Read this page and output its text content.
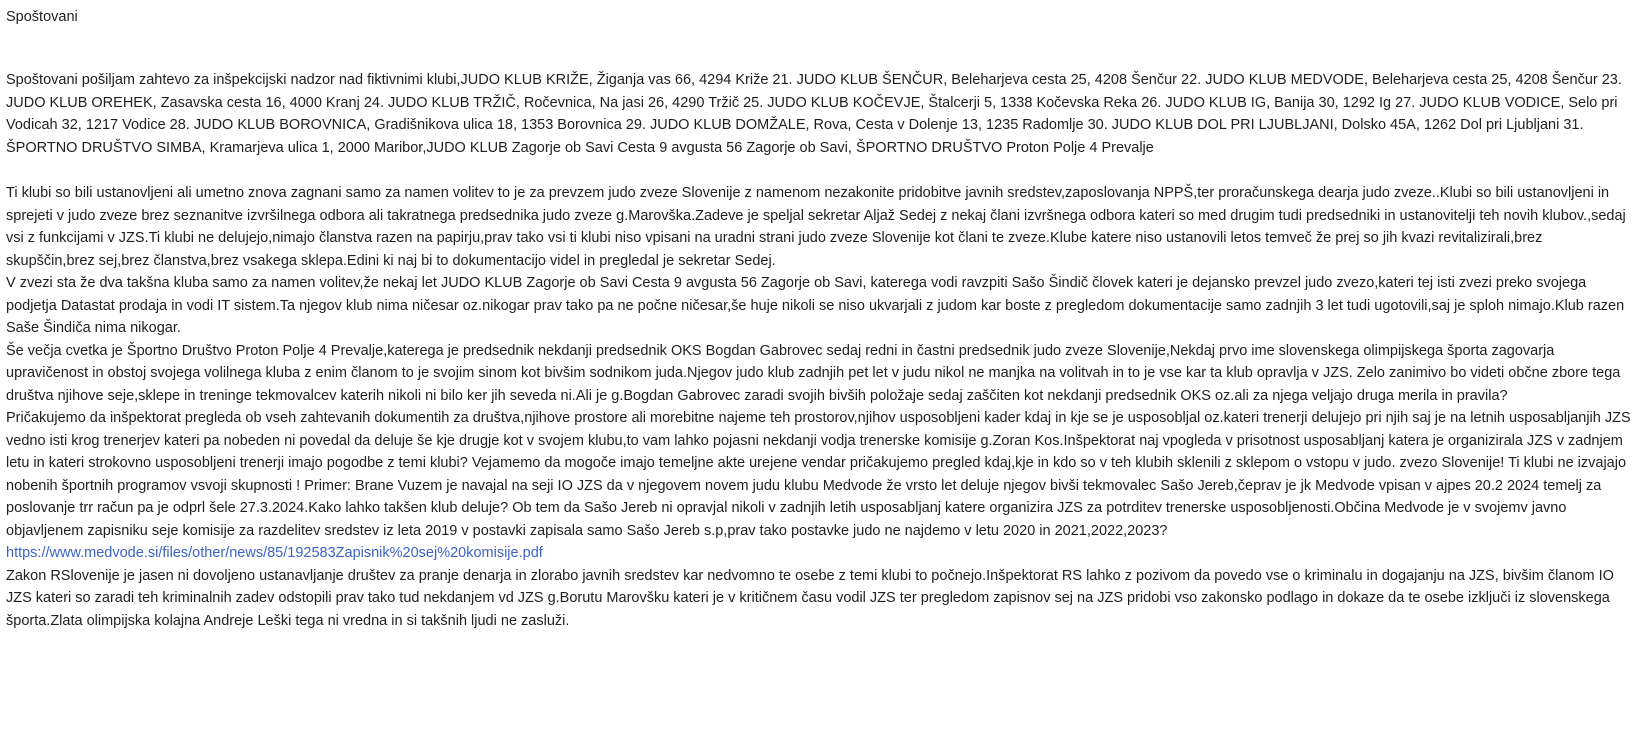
Spoštovani

Spoštovani pošiljam zahtevo za inšpekcijski nadzor nad fiktivnimi klubi,JUDO KLUB KRIŽE, Žiganja vas 66, 4294 Križe 21. JUDO KLUB ŠENČUR, Beleharjeva cesta 25, 4208 Šenčur 22. JUDO KLUB MEDVODE, Beleharjeva cesta 25, 4208 Šenčur 23. JUDO KLUB OREHEK, Zasavska cesta 16, 4000 Kranj 24. JUDO KLUB TRŽIČ, Ročevnica, Na jasi 26, 4290 Tržič 25. JUDO KLUB KOČEVJE, Štalcerji 5, 1338 Kočevska Reka 26. JUDO KLUB IG, Banija 30, 1292 Ig 27. JUDO KLUB VODICE, Selo pri Vodicah 32, 1217 Vodice 28. JUDO KLUB BOROVNICA, Gradišnikova ulica 18, 1353 Borovnica 29. JUDO KLUB DOMŽALE, Rova, Cesta v Dolenje 13, 1235 Radomlje 30. JUDO KLUB DOL PRI LJUBLJANI, Dolsko 45A, 1262 Dol pri Ljubljani 31. ŠPORTNO DRUŠTVO SIMBA, Kramarjeva ulica 1, 2000 Maribor,JUDO KLUB Zagorje ob Savi Cesta 9 avgusta 56 Zagorje ob Savi, ŠPORTNO DRUŠTVO Proton Polje 4 Prevalje

Ti klubi so bili ustanovljeni ali umetno znova zagnani samo za namen volitev to je za prevzem judo zveze Slovenije z namenom nezakonite pridobitve javnih sredstev,zaposlovanja NPPŠ,ter proračunskega dearja judo zveze..Klubi so bili ustanovljeni in sprejeti v judo zveze brez seznanitve izvršilnega odbora ali takratnega predsednika judo zveze g.Marovška.Zadeve je speljal sekretar Aljaž Sedej z nekaj člani izvršnega odbora kateri so med drugim tudi predsedniki in ustanovitelji teh novih klubov.,sedaj vsi z funkcijami v JZS.Ti klubi ne delujejo,nimajo članstva razen na papirju,prav tako vsi ti klubi niso vpisani na uradni strani judo zveze Slovenije kot člani te zveze.Klube katere niso ustanovili letos temveč že prej so jih kvazi revitalizirali,brez skupščin,brez sej,brez članstva,brez vsakega sklepa.Edini ki naj bi to dokumentacijo videl in pregledal je sekretar Sedej.

V zvezi sta že dva takšna kluba samo za namen volitev,že nekaj let JUDO KLUB Zagorje ob Savi Cesta 9 avgusta 56 Zagorje ob Savi, katerega vodi ravzpiti Sašo Šindič človek kateri je dejansko prevzel judo zvezo,kateri tej isti zvezi preko svojega podjetja Datastat prodaja in vodi IT sistem.Ta njegov klub nima ničesar oz.nikogar prav tako pa ne počne ničesar,še huje nikoli se niso ukvarjali z judom kar boste z pregledom dokumentacije samo zadnjih 3 let tudi ugotovili,saj je sploh nimajo.Klub razen Saše Šindiča nima nikogar.

Še večja cvetka je Športno Društvo Proton Polje 4 Prevalje,katerega je predsednik nekdanji predsednik OKS Bogdan Gabrovec sedaj redni in častni predsednik judo zveze Slovenije,Nekdaj prvo ime slovenskega olimpijskega športa zagovarja upravičenost in obstoj svojega volilnega kluba z enim članom to je svojim sinom kot bivšim sodnikom juda.Njegov judo klub zadnjih pet let v judu nikol ne manjka na volitvah in to je vse kar ta klub opravlja v JZS. Zelo zanimivo bo videti občne zbore tega društva njihove seje,sklepe in treninge tekmovalcev katerih nikoli ni bilo ker jih seveda ni.Ali je g.Bogdan Gabrovec zaradi svojih bivših položaje sedaj zaščiten kot nekdanji predsednik OKS oz.ali za njega veljajo druga merila in pravila?

Pričakujemo da inšpektorat pregleda ob vseh zahtevanih dokumentih za društva,njihove prostore ali morebitne najeme teh prostorov,njihov usposobljeni kader kdaj in kje se je usposobljal oz.kateri trenerji delujejo pri njih saj je na letnih usposabljanjih JZS vedno isti krog trenerjev kateri pa nobeden ni povedal da deluje še kje drugje kot v svojem klubu,to vam lahko pojasni nekdanji vodja trenerske komisije g.Zoran Kos.Inšpektorat naj vpogleda v prisotnost usposabljanj katera je organizirala JZS v zadnjem letu in kateri strokovno usposobljeni trenerji imajo pogodbe z temi klubi? Vejamemo da mogoče imajo temeljne akte urejene vendar pričakujemo pregled kdaj,kje in kdo so v teh klubih sklenili z sklepom o vstopu v judo. zvezo Slovenije! Ti klubi ne izvajajo nobenih športnih programov vsvoji skupnosti ! Primer: Brane Vuzem je navajal na seji IO JZS da v njegovem novem judu klubu Medvode že vrsto let deluje njegov bivši tekmovalec Sašo Jereb,čeprav je jk Medvode vpisan v ajpes 20.2 2024 temelj za poslovanje trr račun pa je odprl šele 27.3.2024.Kako lahko takšen klub deluje? Ob tem da Sašo Jereb ni opravjal nikoli v zadnjih letih usposabljanj katere organizira JZS za potrditev trenerske usposobljenosti.Občina Medvode je v svojemv javno objavljenem zapisniku seje komisije za razdelitev sredstev iz leta 2019 v postavki zapisala samo Sašo Jereb s.p,prav tako postavke judo ne najdemo v letu 2020 in 2021,2022,2023?

https://www.medvode.si/files/other/news/85/192583Zapisnik%20sej%20komisije.pdf

Zakon RSlovenije je jasen ni dovoljeno ustanavljanje društev za pranje denarja in zlorabo javnih sredstev kar nedvomno te osebe z temi klubi to počnejo.Inšpektorat RS lahko z pozivom da povedo vse o kriminalu in dogajanju na JZS, bivšim članom IO JZS kateri so zaradi teh kriminalnih zadev odstopili prav tako tud nekdanjem vd JZS g.Borutu Marovšku kateri je v kritičnem času vodil JZS ter pregledom zapisnov sej na JZS pridobi vso zakonsko podlago in dokaze da te osebe izključi iz slovenskega športa.Zlata olimpijska kolajna Andreje Leški tega ni vredna in si takšnih ljudi ne zasluži.
